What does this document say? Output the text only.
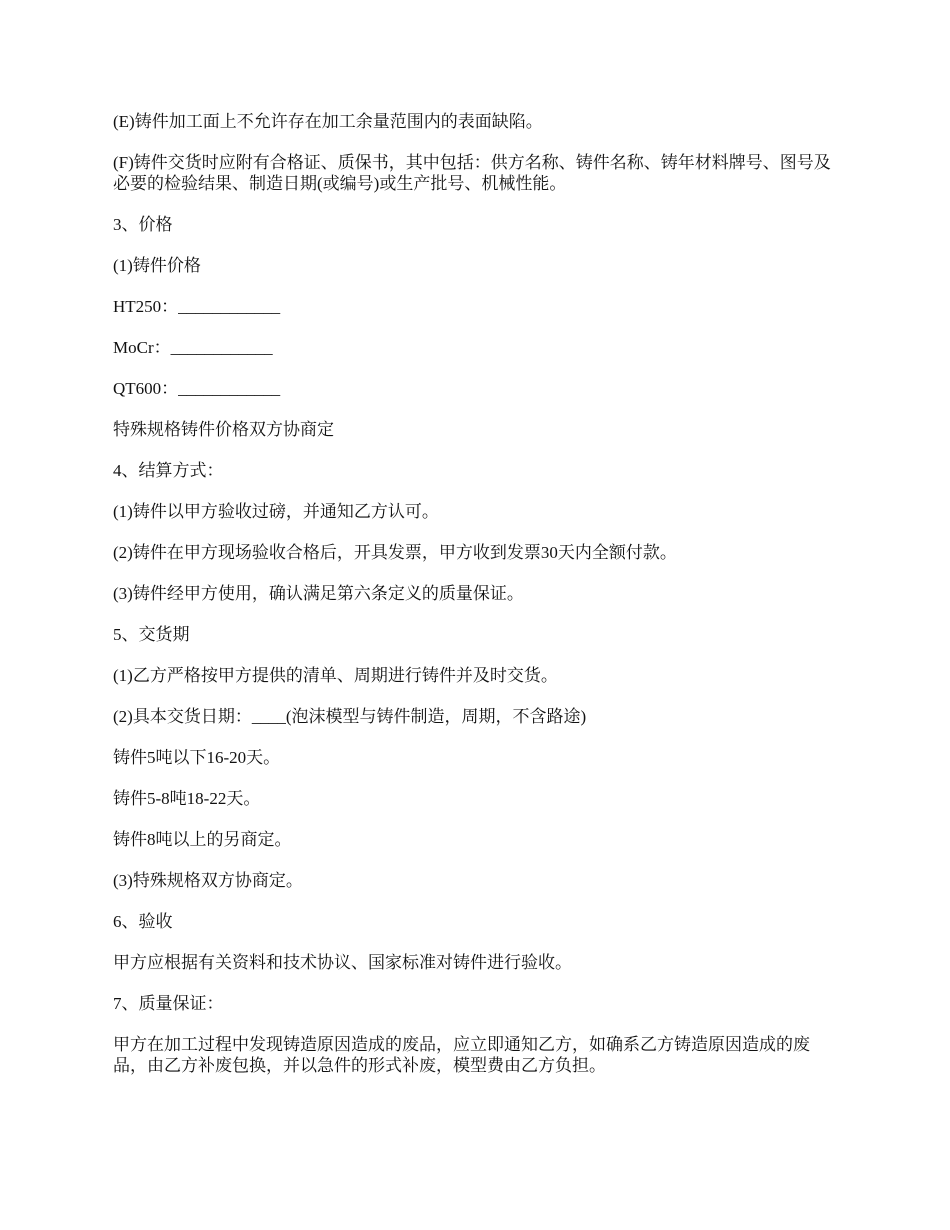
(E)铸件加工面上不允许存在加工余量范围内的表面缺陷。

(F)铸件交货时应附有合格证、质保书，其中包括：供方名称、铸件名称、铸年材料牌号、图号及必要的检验结果、制造日期(或编号)或生产批号、机械性能。

3、价格

(1)铸件价格

HT250：____________

MoCr：____________

QT600：____________

特殊规格铸件价格双方协商定

4、结算方式：

(1)铸件以甲方验收过磅，并通知乙方认可。

(2)铸件在甲方现场验收合格后，开具发票，甲方收到发票30天内全额付款。

(3)铸件经甲方使用，确认满足第六条定义的质量保证。

5、交货期

(1)乙方严格按甲方提供的清单、周期进行铸件并及时交货。

(2)具本交货日期：____(泡沫模型与铸件制造，周期，不含路途)

铸件5吨以下16-20天。

铸件5-8吨18-22天。

铸件8吨以上的另商定。

(3)特殊规格双方协商定。

6、验收

甲方应根据有关资料和技术协议、国家标准对铸件进行验收。

7、质量保证：

甲方在加工过程中发现铸造原因造成的废品，应立即通知乙方，如确系乙方铸造原因造成的废品，由乙方补废包换，并以急件的形式补废，模型费由乙方负担。
